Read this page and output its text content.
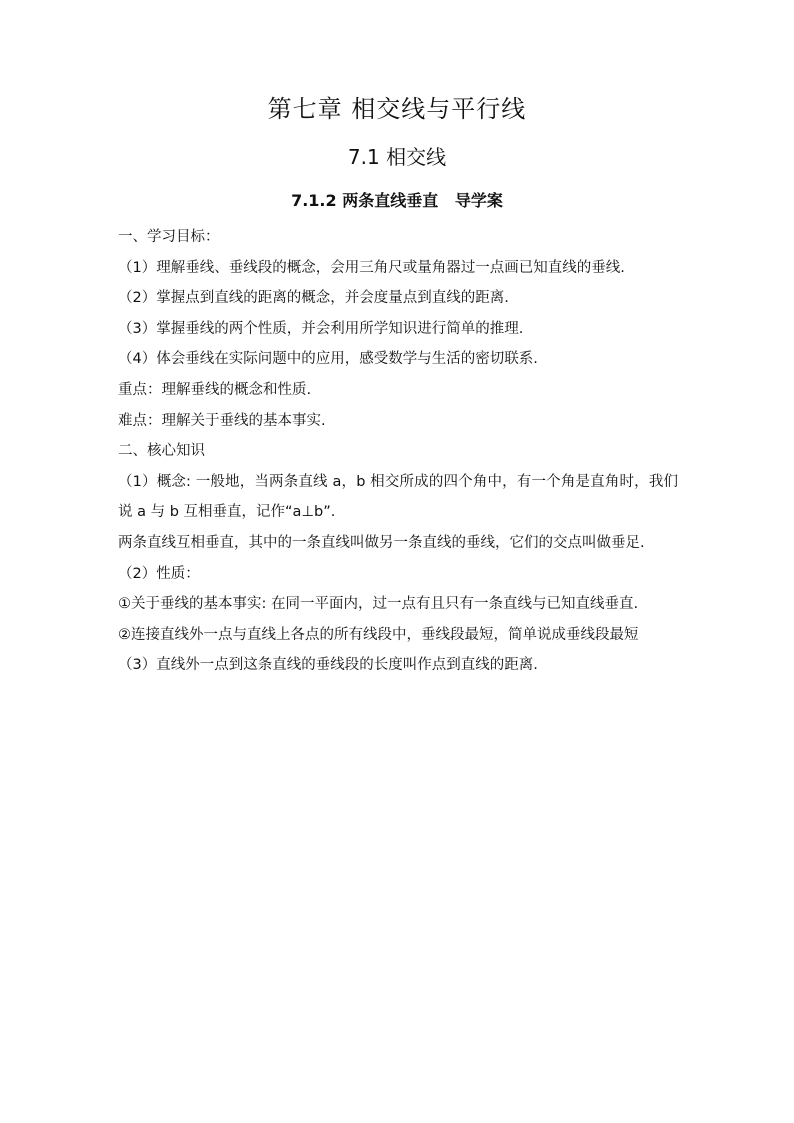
第七章 相交线与平行线
7.1 相交线
7.1.2 两条直线垂直   导学案
一、学习目标：
（1）理解垂线、垂线段的概念，会用三角尺或量角器过一点画已知直线的垂线.
（2）掌握点到直线的距离的概念，并会度量点到直线的距离.
（3）掌握垂线的两个性质，并会利用所学知识进行简单的推理.
（4）体会垂线在实际问题中的应用，感受数学与生活的密切联系.
重点：理解垂线的概念和性质.
难点：理解关于垂线的基本事实.
二、核心知识
（1）概念: 一般地，当两条直线 a，b 相交所成的四个角中，有一个角是直角时，我们说 a 与 b 互相垂直，记作“a⊥b”.
两条直线互相垂直，其中的一条直线叫做另一条直线的垂线，它们的交点叫做垂足.
（2）性质：
①关于垂线的基本事实: 在同一平面内，过一点有且只有一条直线与已知直线垂直.
②连接直线外一点与直线上各点的所有线段中，垂线段最短，简单说成垂线段最短
（3）直线外一点到这条直线的垂线段的长度叫作点到直线的距离.
